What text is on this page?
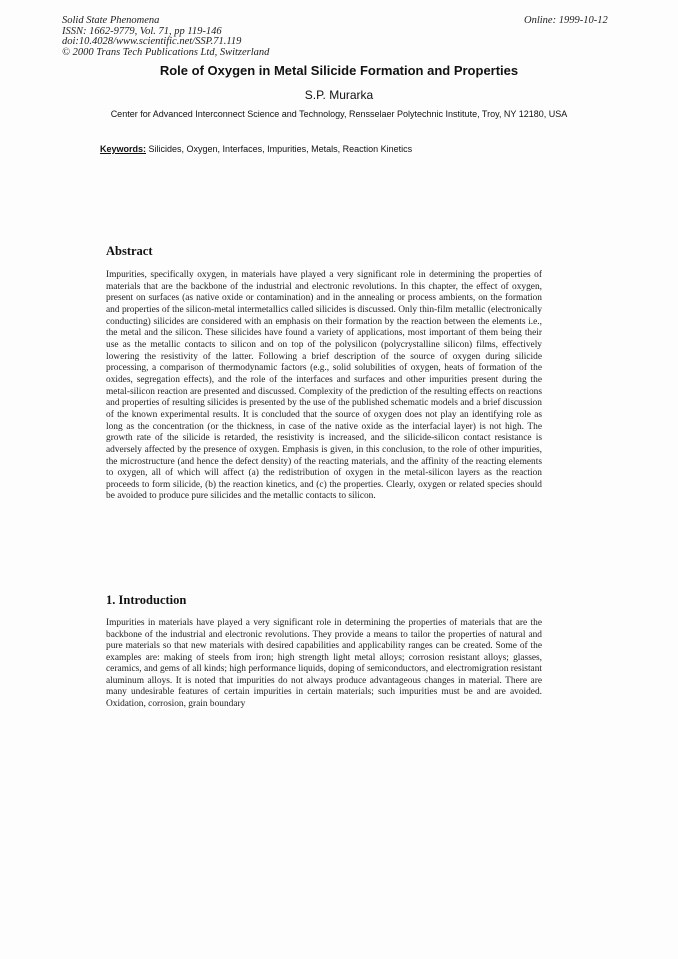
Solid State Phenomena
ISSN: 1662-9779, Vol. 71, pp 119-146
doi:10.4028/www.scientific.net/SSP.71.119
© 2000 Trans Tech Publications Ltd, Switzerland
Online: 1999-10-12
Role of Oxygen in Metal Silicide Formation and Properties
S.P. Murarka
Center for Advanced Interconnect Science and Technology, Rensselaer Polytechnic Institute, Troy, NY 12180, USA
Keywords: Silicides, Oxygen, Interfaces, Impurities, Metals, Reaction Kinetics
Abstract
Impurities, specifically oxygen, in materials have played a very significant role in determining the properties of materials that are the backbone of the industrial and electronic revolutions. In this chapter, the effect of oxygen, present on surfaces (as native oxide or contamination) and in the annealing or process ambients, on the formation and properties of the silicon-metal intermetallics called silicides is discussed. Only thin-film metallic (electronically conducting) silicides are considered with an emphasis on their formation by the reaction between the elements i.e., the metal and the silicon. These silicides have found a variety of applications, most important of them being their use as the metallic contacts to silicon and on top of the polysilicon (polycrystalline silicon) films, effectively lowering the resistivity of the latter. Following a brief description of the source of oxygen during silicide processing, a comparison of thermodynamic factors (e.g., solid solubilities of oxygen, heats of formation of the oxides, segregation effects), and the role of the interfaces and surfaces and other impurities present during the metal-silicon reaction are presented and discussed. Complexity of the prediction of the resulting effects on reactions and properties of resulting silicides is presented by the use of the published schematic models and a brief discussion of the known experimental results. It is concluded that the source of oxygen does not play an identifying role as long as the concentration (or the thickness, in case of the native oxide as the interfacial layer) is not high. The growth rate of the silicide is retarded, the resistivity is increased, and the silicide-silicon contact resistance is adversely affected by the presence of oxygen. Emphasis is given, in this conclusion, to the role of other impurities, the microstructure (and hence the defect density) of the reacting materials, and the affinity of the reacting elements to oxygen, all of which will affect (a) the redistribution of oxygen in the metal-silicon layers as the reaction proceeds to form silicide, (b) the reaction kinetics, and (c) the properties. Clearly, oxygen or related species should be avoided to produce pure silicides and the metallic contacts to silicon.
1. Introduction
Impurities in materials have played a very significant role in determining the properties of materials that are the backbone of the industrial and electronic revolutions. They provide a means to tailor the properties of natural and pure materials so that new materials with desired capabilities and applicability ranges can be created. Some of the examples are: making of steels from iron; high strength light metal alloys; corrosion resistant alloys; glasses, ceramics, and gems of all kinds; high performance liquids, doping of semiconductors, and electromigration resistant aluminum alloys. It is noted that impurities do not always produce advantageous changes in material. There are many undesirable features of certain impurities in certain materials; such impurities must be and are avoided. Oxidation, corrosion, grain boundary
